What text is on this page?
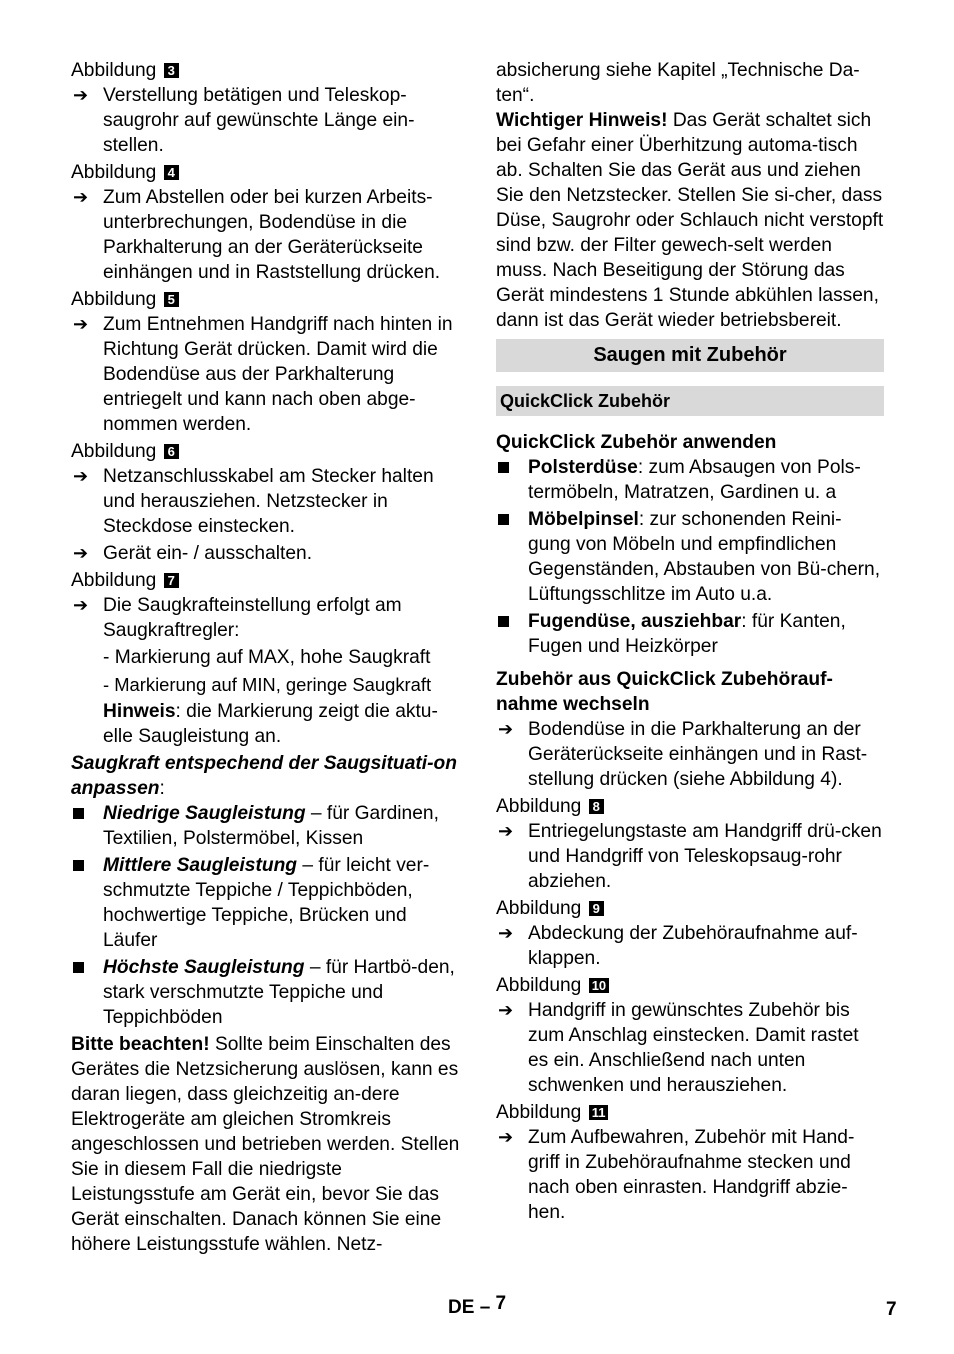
Abbildung 3

➔ Verstellung betätigen und Teleskop-saugrohr auf gewünschte Länge ein-stellen.

Abbildung 4

➔ Zum Abstellen oder bei kurzen Arbeits-unterbrechungen, Bodendüse in die Parkhalterung an der Geräterückseite einhängen und in Raststellung drücken.

Abbildung 5

➔ Zum Entnehmen Handgriff nach hinten in Richtung Gerät drücken. Damit wird die Bodendüse aus der Parkhalterung entriegelt und kann nach oben abge-nommen werden.

Abbildung 6

➔ Netzanschlusskabel am Stecker halten und herausziehen. Netzstecker in Steckdose einstecken.
➔ Gerät ein- / ausschalten.

Abbildung 7

➔ Die Saugkrafteinstellung erfolgt am Saugkraftregler:
- Markierung auf MAX, hohe Saugkraft
- Markierung auf MIN, geringe Saugkraft
Hinweis: die Markierung zeigt die aktu-elle Saugleistung an.

Saugkraft entspechend der Saugsituati-on anpassen:

Niedrige Saugleistung – für Gardinen, Textilien, Polstermöbel, Kissen
Mittlere Saugleistung – für leicht ver-schmutzte Teppiche / Teppichböden, hochwertige Teppiche, Brücken und Läufer
Höchste Saugleistung – für Hartbö-den, stark verschmutzte Teppiche und Teppichböden

Bitte beachten! Sollte beim Einschalten des Gerätes die Netzsicherung auslösen, kann es daran liegen, dass gleichzeitig an-dere Elektrogeräte am gleichen Stromkreis angeschlossen und betrieben werden. Stellen Sie in diesem Fall die niedrigste Leistungsstufe am Gerät ein, bevor Sie das Gerät einschalten. Danach können Sie eine höhere Leistungsstufe wählen. Netz-

absicherung siehe Kapitel „Technische Da-ten“.

Wichtiger Hinweis! Das Gerät schaltet sich bei Gefahr einer Überhitzung automa-tisch ab. Schalten Sie das Gerät aus und ziehen Sie den Netzstecker. Stellen Sie si-cher, dass Düse, Saugrohr oder Schlauch nicht verstopft sind bzw. der Filter gewech-selt werden muss. Nach Beseitigung der Störung das Gerät mindestens 1 Stunde abkühlen lassen, dann ist das Gerät wieder betriebsbereit.

Saugen mit Zubehör
QuickClick Zubehör

QuickClick Zubehör anwenden

Polsterdüse: zum Absaugen von Pols-termöbeln, Matratzen, Gardinen u. a
Möbelpinsel: zur schonenden Reini-gung von Möbeln und empfindlichen Gegenständen, Abstauben von Bü-chern, Lüftungsschlitze im Auto u.a.
Fugendüse, ausziehbar: für Kanten, Fugen und Heizkörper

Zubehör aus QuickClick Zubehörauf-nahme wechseln

➔ Bodendüse in die Parkhalterung an der Geräterückseite einhängen und in Rast-stellung drücken (siehe Abbildung 4).

Abbildung 8

➔ Entriegelungstaste am Handgriff drü-cken und Handgriff von Teleskopsaug-rohr abziehen.

Abbildung 9

➔ Abdeckung der Zubehöraufnahme auf-klappen.

Abbildung 10

➔ Handgriff in gewünschtes Zubehör bis zum Anschlag einstecken. Damit rastet es ein. Anschließend nach unten schwenken und herausziehen.

Abbildung 11

➔ Zum Aufbewahren, Zubehör mit Hand-griff in Zubehöraufnahme stecken und nach oben einrasten. Handgriff abzie-hen.
DE – 7	7
